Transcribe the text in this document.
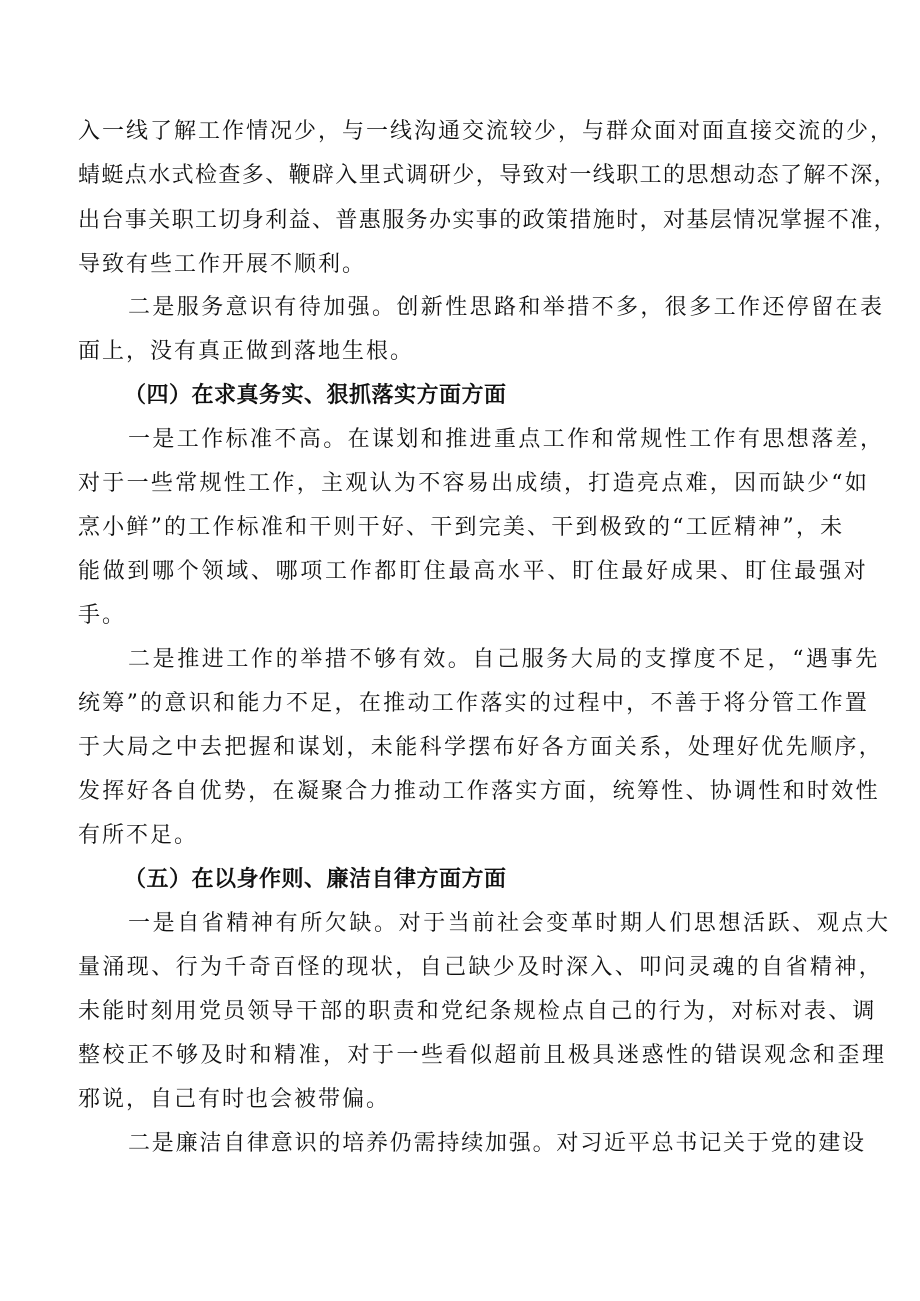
入一线了解工作情况少，与一线沟通交流较少，与群众面对面直接交流的少，
蜻蜓点水式检查多、鞭辟入里式调研少，导致对一线职工的思想动态了解不深，
出台事关职工切身利益、普惠服务办实事的政策措施时，对基层情况掌握不准，
导致有些工作开展不顺利。
二是服务意识有待加强。创新性思路和举措不多，很多工作还停留在表
面上，没有真正做到落地生根。
（四）在求真务实、狠抓落实方面方面
一是工作标准不高。在谋划和推进重点工作和常规性工作有思想落差，
对于一些常规性工作，主观认为不容易出成绩，打造亮点难，因而缺少“如
烹小鲜”的工作标准和干则干好、干到完美、干到极致的“工匠精神”，未
能做到哪个领域、哪项工作都盯住最高水平、盯住最好成果、盯住最强对
手。
二是推进工作的举措不够有效。自己服务大局的支撑度不足，“遇事先
统筹”的意识和能力不足，在推动工作落实的过程中，不善于将分管工作置
于大局之中去把握和谋划，未能科学摆布好各方面关系，处理好优先顺序，
发挥好各自优势，在凝聚合力推动工作落实方面，统筹性、协调性和时效性
有所不足。
（五）在以身作则、廉洁自律方面方面
一是自省精神有所欠缺。对于当前社会变革时期人们思想活跃、观点大
量涌现、行为千奇百怪的现状，自己缺少及时深入、叩问灵魂的自省精神，
未能时刻用党员领导干部的职责和党纪条规检点自己的行为，对标对表、调
整校正不够及时和精准，对于一些看似超前且极具迷惑性的错误观念和歪理
邪说，自己有时也会被带偏。
二是廉洁自律意识的培养仍需持续加强。对习近平总书记关于党的建设
